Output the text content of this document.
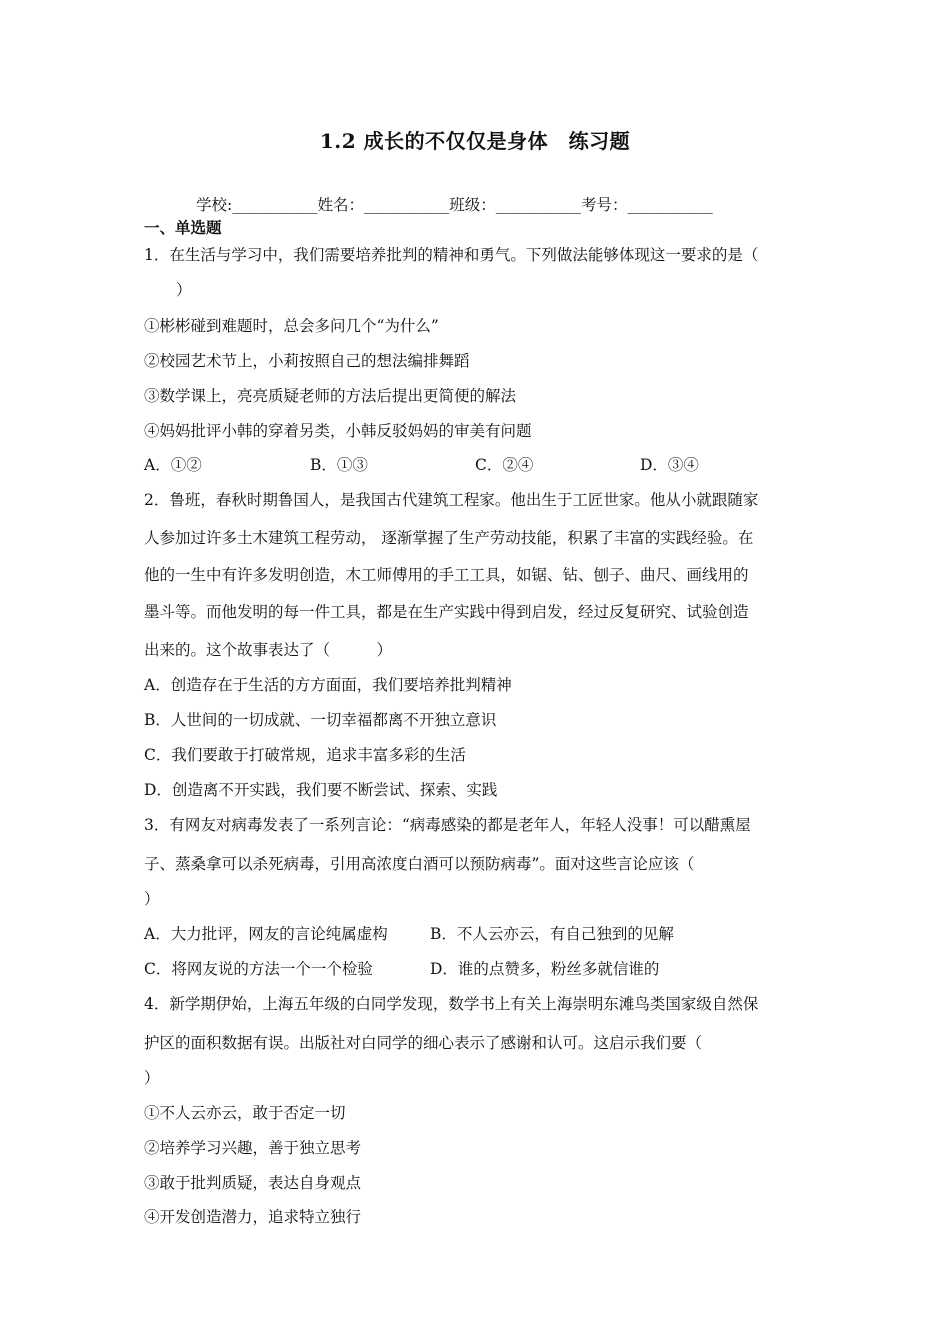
1.2 成长的不仅仅是身体　练习题
学校:___________姓名：___________班级：___________考号：___________
一、单选题
1．在生活与学习中，我们需要培养批判的精神和勇气。下列做法能够体现这一要求的是（
）
①彬彬碰到难题时，总会多问几个“为什么”
②校园艺术节上，小莉按照自己的想法编排舞蹈
③数学课上，亮亮质疑老师的方法后提出更简便的解法
④妈妈批评小韩的穿着另类，小韩反驳妈妈的审美有问题
A．①②	B．①③	C．②④	D．③④
2．鲁班，春秋时期鲁国人，是我国古代建筑工程家。他出生于工匠世家。他从小就跟随家
人参加过许多土木建筑工程劳动， 逐渐掌握了生产劳动技能，积累了丰富的实践经验。在
他的一生中有许多发明创造，木工师傅用的手工工具，如锯、钻、刨子、曲尺、画线用的
墨斗等。而他发明的每一件工具，都是在生产实践中得到启发，经过反复研究、试验创造
出来的。这个故事表达了（　　　）
A．创造存在于生活的方方面面，我们要培养批判精神
B．人世间的一切成就、一切幸福都离不开独立意识
C．我们要敢于打破常规，追求丰富多彩的生活
D．创造离不开实践，我们要不断尝试、探索、实践
3．有网友对病毒发表了一系列言论：“病毒感染的都是老年人，年轻人没事！可以醋熏屋
子、蒸桑拿可以杀死病毒，引用高浓度白酒可以预防病毒”。面对这些言论应该（
）
A．大力批评，网友的言论纯属虚构	B．不人云亦云，有自己独到的见解
C．将网友说的方法一个一个检验	D．谁的点赞多，粉丝多就信谁的
4．新学期伊始，上海五年级的白同学发现，数学书上有关上海崇明东滩鸟类国家级自然保
护区的面积数据有误。出版社对白同学的细心表示了感谢和认可。这启示我们要（
）
①不人云亦云，敢于否定一切
②培养学习兴趣，善于独立思考
③敢于批判质疑，表达自身观点
④开发创造潜力，追求特立独行
